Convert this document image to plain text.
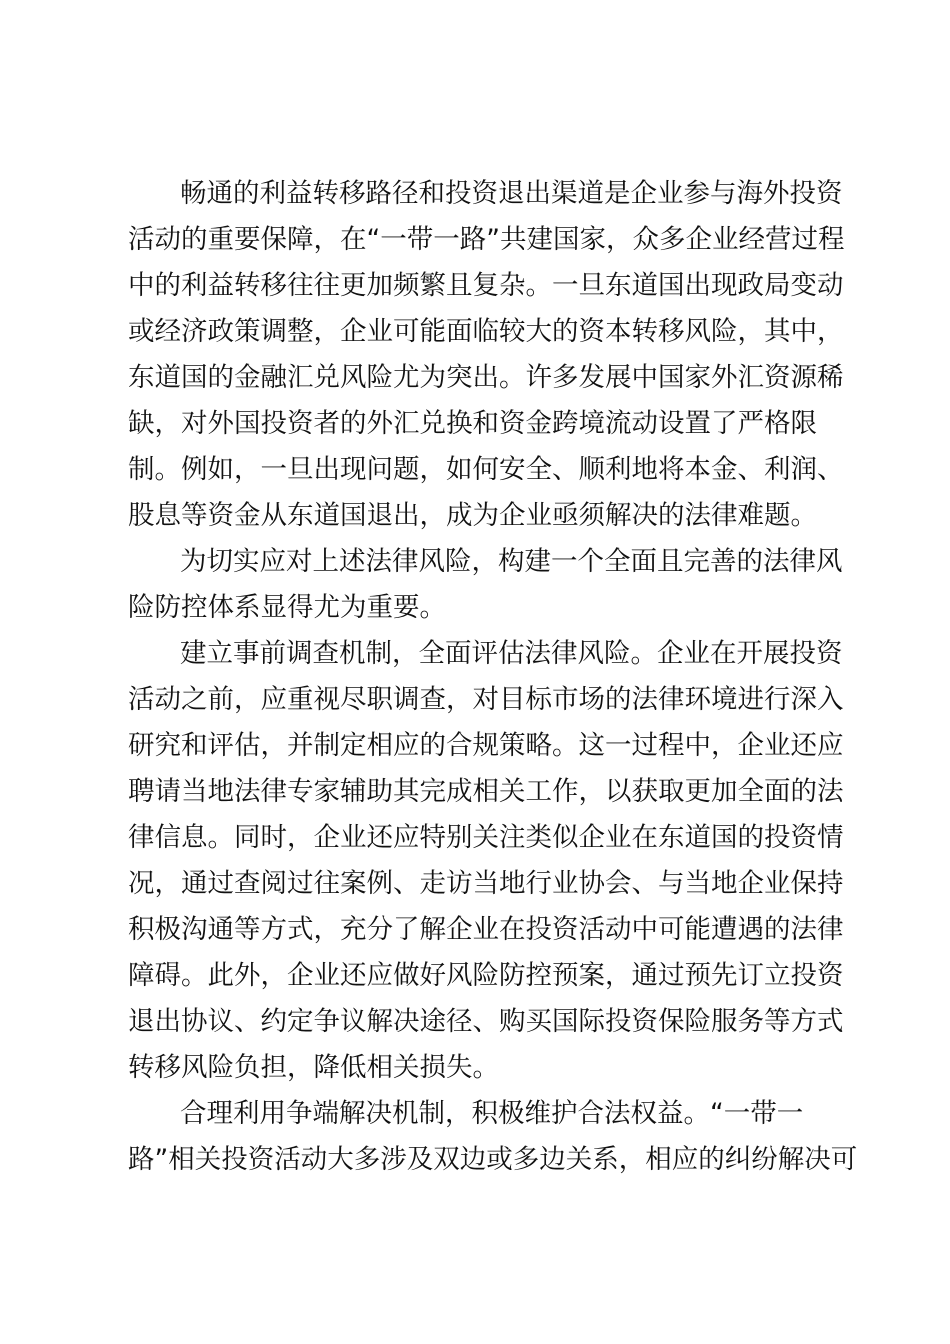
畅通的利益转移路径和投资退出渠道是企业参与海外投资

活动的重要保障，在“一带一路”共建国家，众多企业经营过程

中的利益转移往往更加频繁且复杂。一旦东道国出现政局变动

或经济政策调整，企业可能面临较大的资本转移风险，其中，

东道国的金融汇兑风险尤为突出。许多发展中国家外汇资源稀

缺，对外国投资者的外汇兑换和资金跨境流动设置了严格限

制。例如，一旦出现问题，如何安全、顺利地将本金、利润、

股息等资金从东道国退出，成为企业亟须解决的法律难题。

为切实应对上述法律风险，构建一个全面且完善的法律风

险防控体系显得尤为重要。

建立事前调查机制，全面评估法律风险。企业在开展投资

活动之前，应重视尽职调查，对目标市场的法律环境进行深入

研究和评估，并制定相应的合规策略。这一过程中，企业还应

聘请当地法律专家辅助其完成相关工作，以获取更加全面的法

律信息。同时，企业还应特别关注类似企业在东道国的投资情

况，通过查阅过往案例、走访当地行业协会、与当地企业保持

积极沟通等方式，充分了解企业在投资活动中可能遭遇的法律

障碍。此外，企业还应做好风险防控预案，通过预先订立投资

退出协议、约定争议解决途径、购买国际投资保险服务等方式

转移风险负担，降低相关损失。

合理利用争端解决机制，积极维护合法权益。“一带一

路”相关投资活动大多涉及双边或多边关系，相应的纠纷解决可
